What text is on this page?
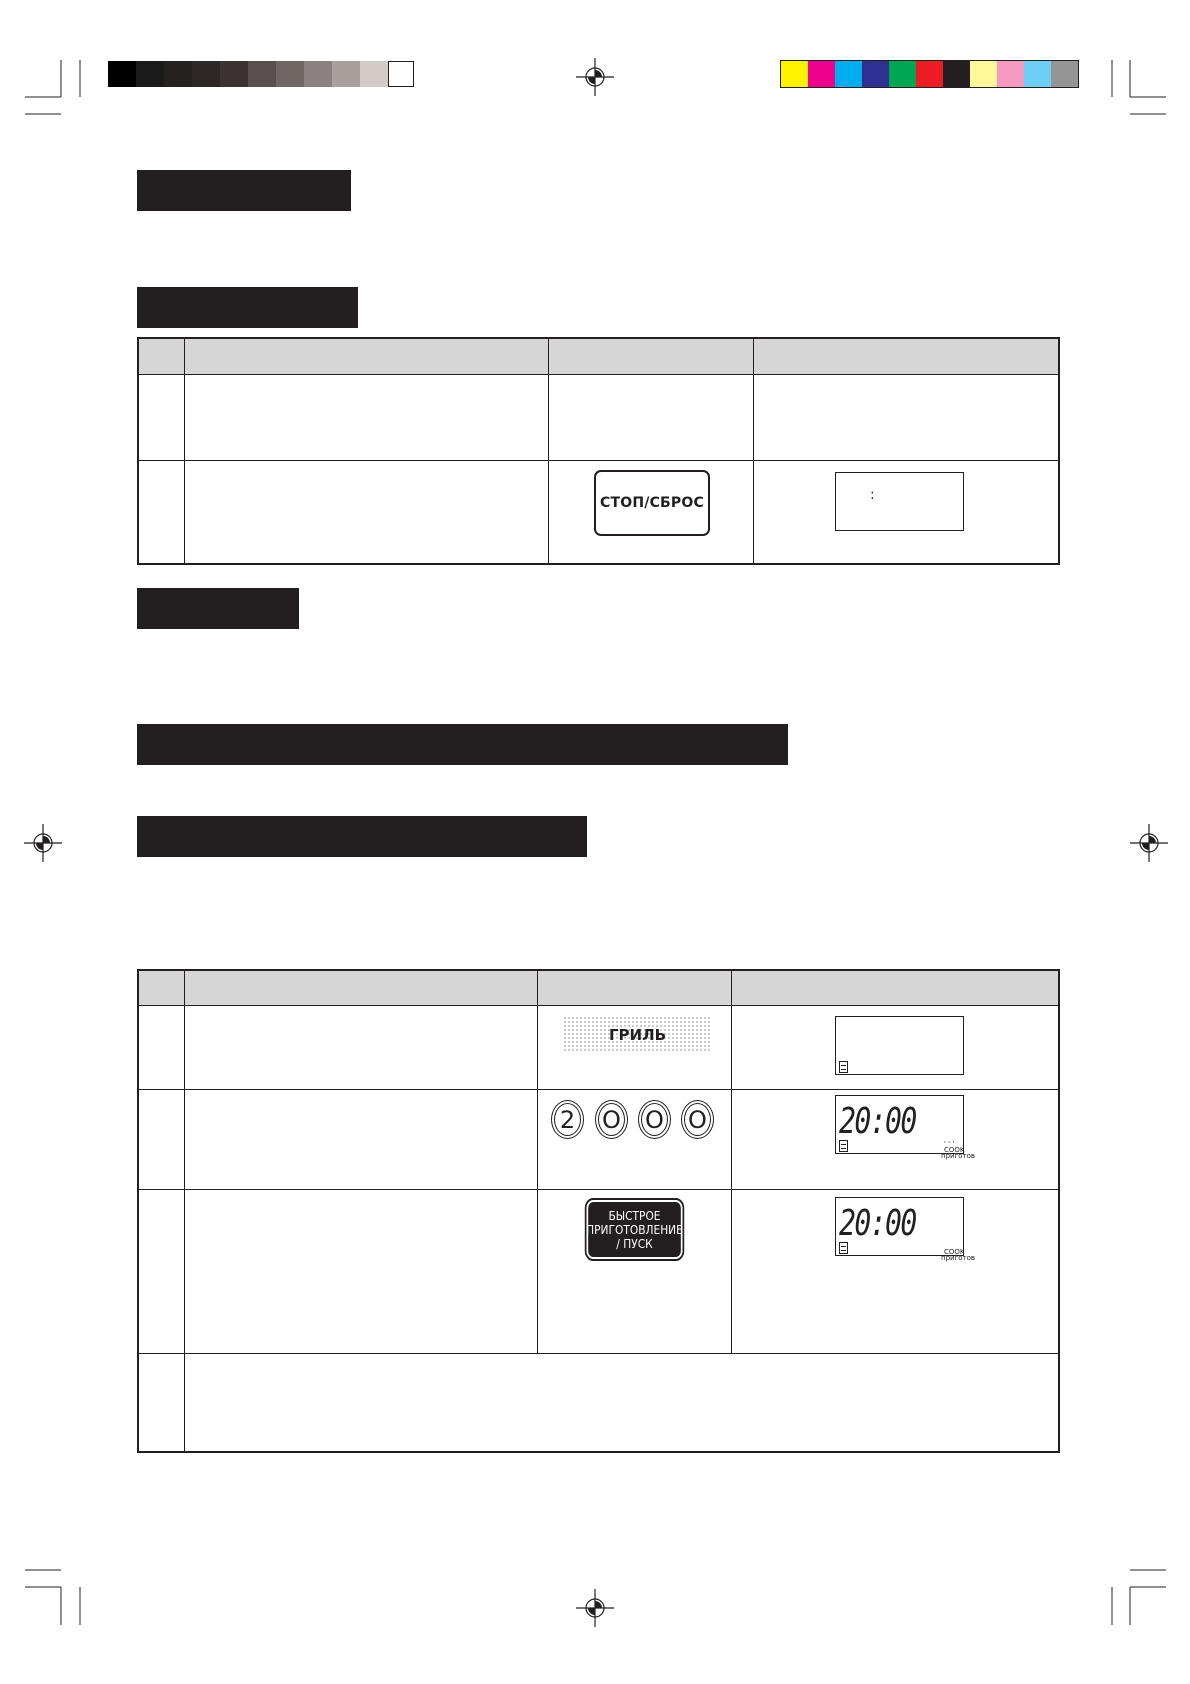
СТОП/СБРОС	:
ГРИЛЬ
2 O O O	20:00
' ' '
COOK
приготов
БЫСТРОЕ ПРИГОТОВЛЕНИЕ / ПУСК	20:00
COOK
приготов
